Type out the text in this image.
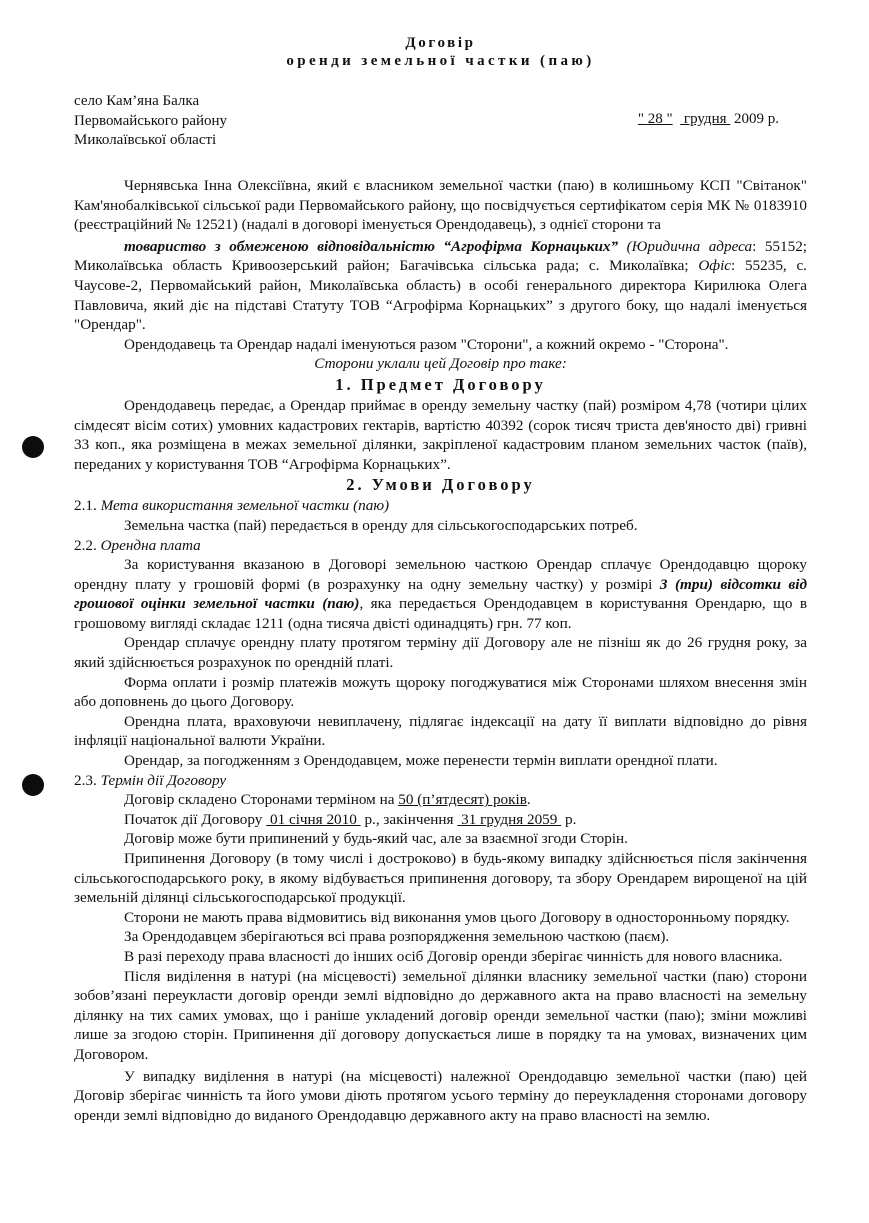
Договір
оренди земельної частки (паю)
село Кам’яна Балка
Первомайського району
Миколаївської області
" 28 " грудня 2009 р.

Чернявська Інна Олексіївна, який є власником земельної частки (паю) в колишньому КСП "Світанок" Кам'янобалківської сільської ради Первомайського району, що посвідчується сертифікатом серія МК № 0183910 (реєстраційний № 12521) (надалі в договорі іменується Орендодавець), з однієї сторони та

товариство з обмеженою відповідальністю “Агрофірма Корнацьких” (Юридична адреса: 55152; Миколаївська область Кривоозерський район; Багачівська сільська рада; с. Миколаївка; Офіс: 55235, с. Чаусове-2, Первомайський район, Миколаївська область) в особі генерального директора Кирилюка Олега Павловича, який діє на підставі Статуту ТОВ “Агрофірма Корнацьких” з другого боку, що надалі іменується "Орендар".

Орендодавець та Орендар надалі іменуються разом "Сторони", а кожний окремо - "Сторона".

Сторони уклали цей Договір про таке:

1. Предмет Договору

Орендодавець передає, а Орендар приймає в оренду земельну частку (пай) розміром 4,78 (чотири цілих сімдесят вісім сотих) умовних кадастрових гектарів, вартістю 40392 (сорок тисяч триста дев'яносто дві) гривні 33 коп., яка розміщена в межах земельної ділянки, закріпленої кадастровим планом земельних часток (паїв), переданих у користування ТОВ “Агрофірма Корнацьких”.

2. Умови Договору

2.1. Мета використання земельної частки (паю)

Земельна частка (пай) передається в оренду для сільськогосподарських потреб.

2.2. Орендна плата

За користування вказаною в Договорі земельною часткою Орендар сплачує Орендодавцю щороку орендну плату у грошовій формі (в розрахунку на одну земельну частку) у розмірі 3 (три) відсотки від грошової оцінки земельної частки (паю), яка передається Орендодавцем в користування Орендарю, що в грошовому вигляді складає 1211 (одна тисяча двісті одинадцять) грн. 77 коп.

Орендар сплачує орендну плату протягом терміну дії Договору але не пізніш як до 26 грудня року, за який здійснюється розрахунок по орендній платі.

Форма оплати і розмір платежів можуть щороку погоджуватися між Сторонами шляхом внесення змін або доповнень до цього Договору.

Орендна плата, враховуючи невиплачену, підлягає індексації на дату її виплати відповідно до рівня інфляції національної валюти України.

Орендар, за погодженням з Орендодавцем, може перенести термін виплати орендної плати.

2.3. Термін дії Договору

Договір складено Сторонами терміном на 50 (п’ятдесят) років.

Початок дії Договору 01 січня 2010 р., закінчення 31 грудня 2059 р.

Договір може бути припинений у будь-який час, але за взаємної згоди Сторін.

Припинення Договору (в тому числі і достроково) в будь-якому випадку здійснюється після закінчення сільськогосподарського року, в якому відбувається припинення договору, та збору Орендарем вирощеної на цій земельній ділянці сільськогосподарської продукції.

Сторони не мають права відмовитись від виконання умов цього Договору в односторонньому порядку.

За Орендодавцем зберігаються всі права розпорядження земельною часткою (паєм).

В разі переходу права власності до інших осіб Договір оренди зберігає чинність для нового власника.

Після виділення в натурі (на місцевості) земельної ділянки власнику земельної частки (паю) сторони зобов’язані переукласти договір оренди землі відповідно до державного акта на право власності на земельну ділянку на тих самих умовах, що і раніше укладений договір оренди земельної частки (паю); зміни можливі лише за згодою сторін. Припинення дії договору допускається лише в порядку та на умовах, визначених цим Договором.

У випадку виділення в натурі (на місцевості) належної Орендодавцю земельної частки (паю) цей Договір зберігає чинність та його умови діють протягом усього терміну до переукладення сторонами договору оренди землі відповідно до виданого Орендодавцю державного акту на право власності на землю.
